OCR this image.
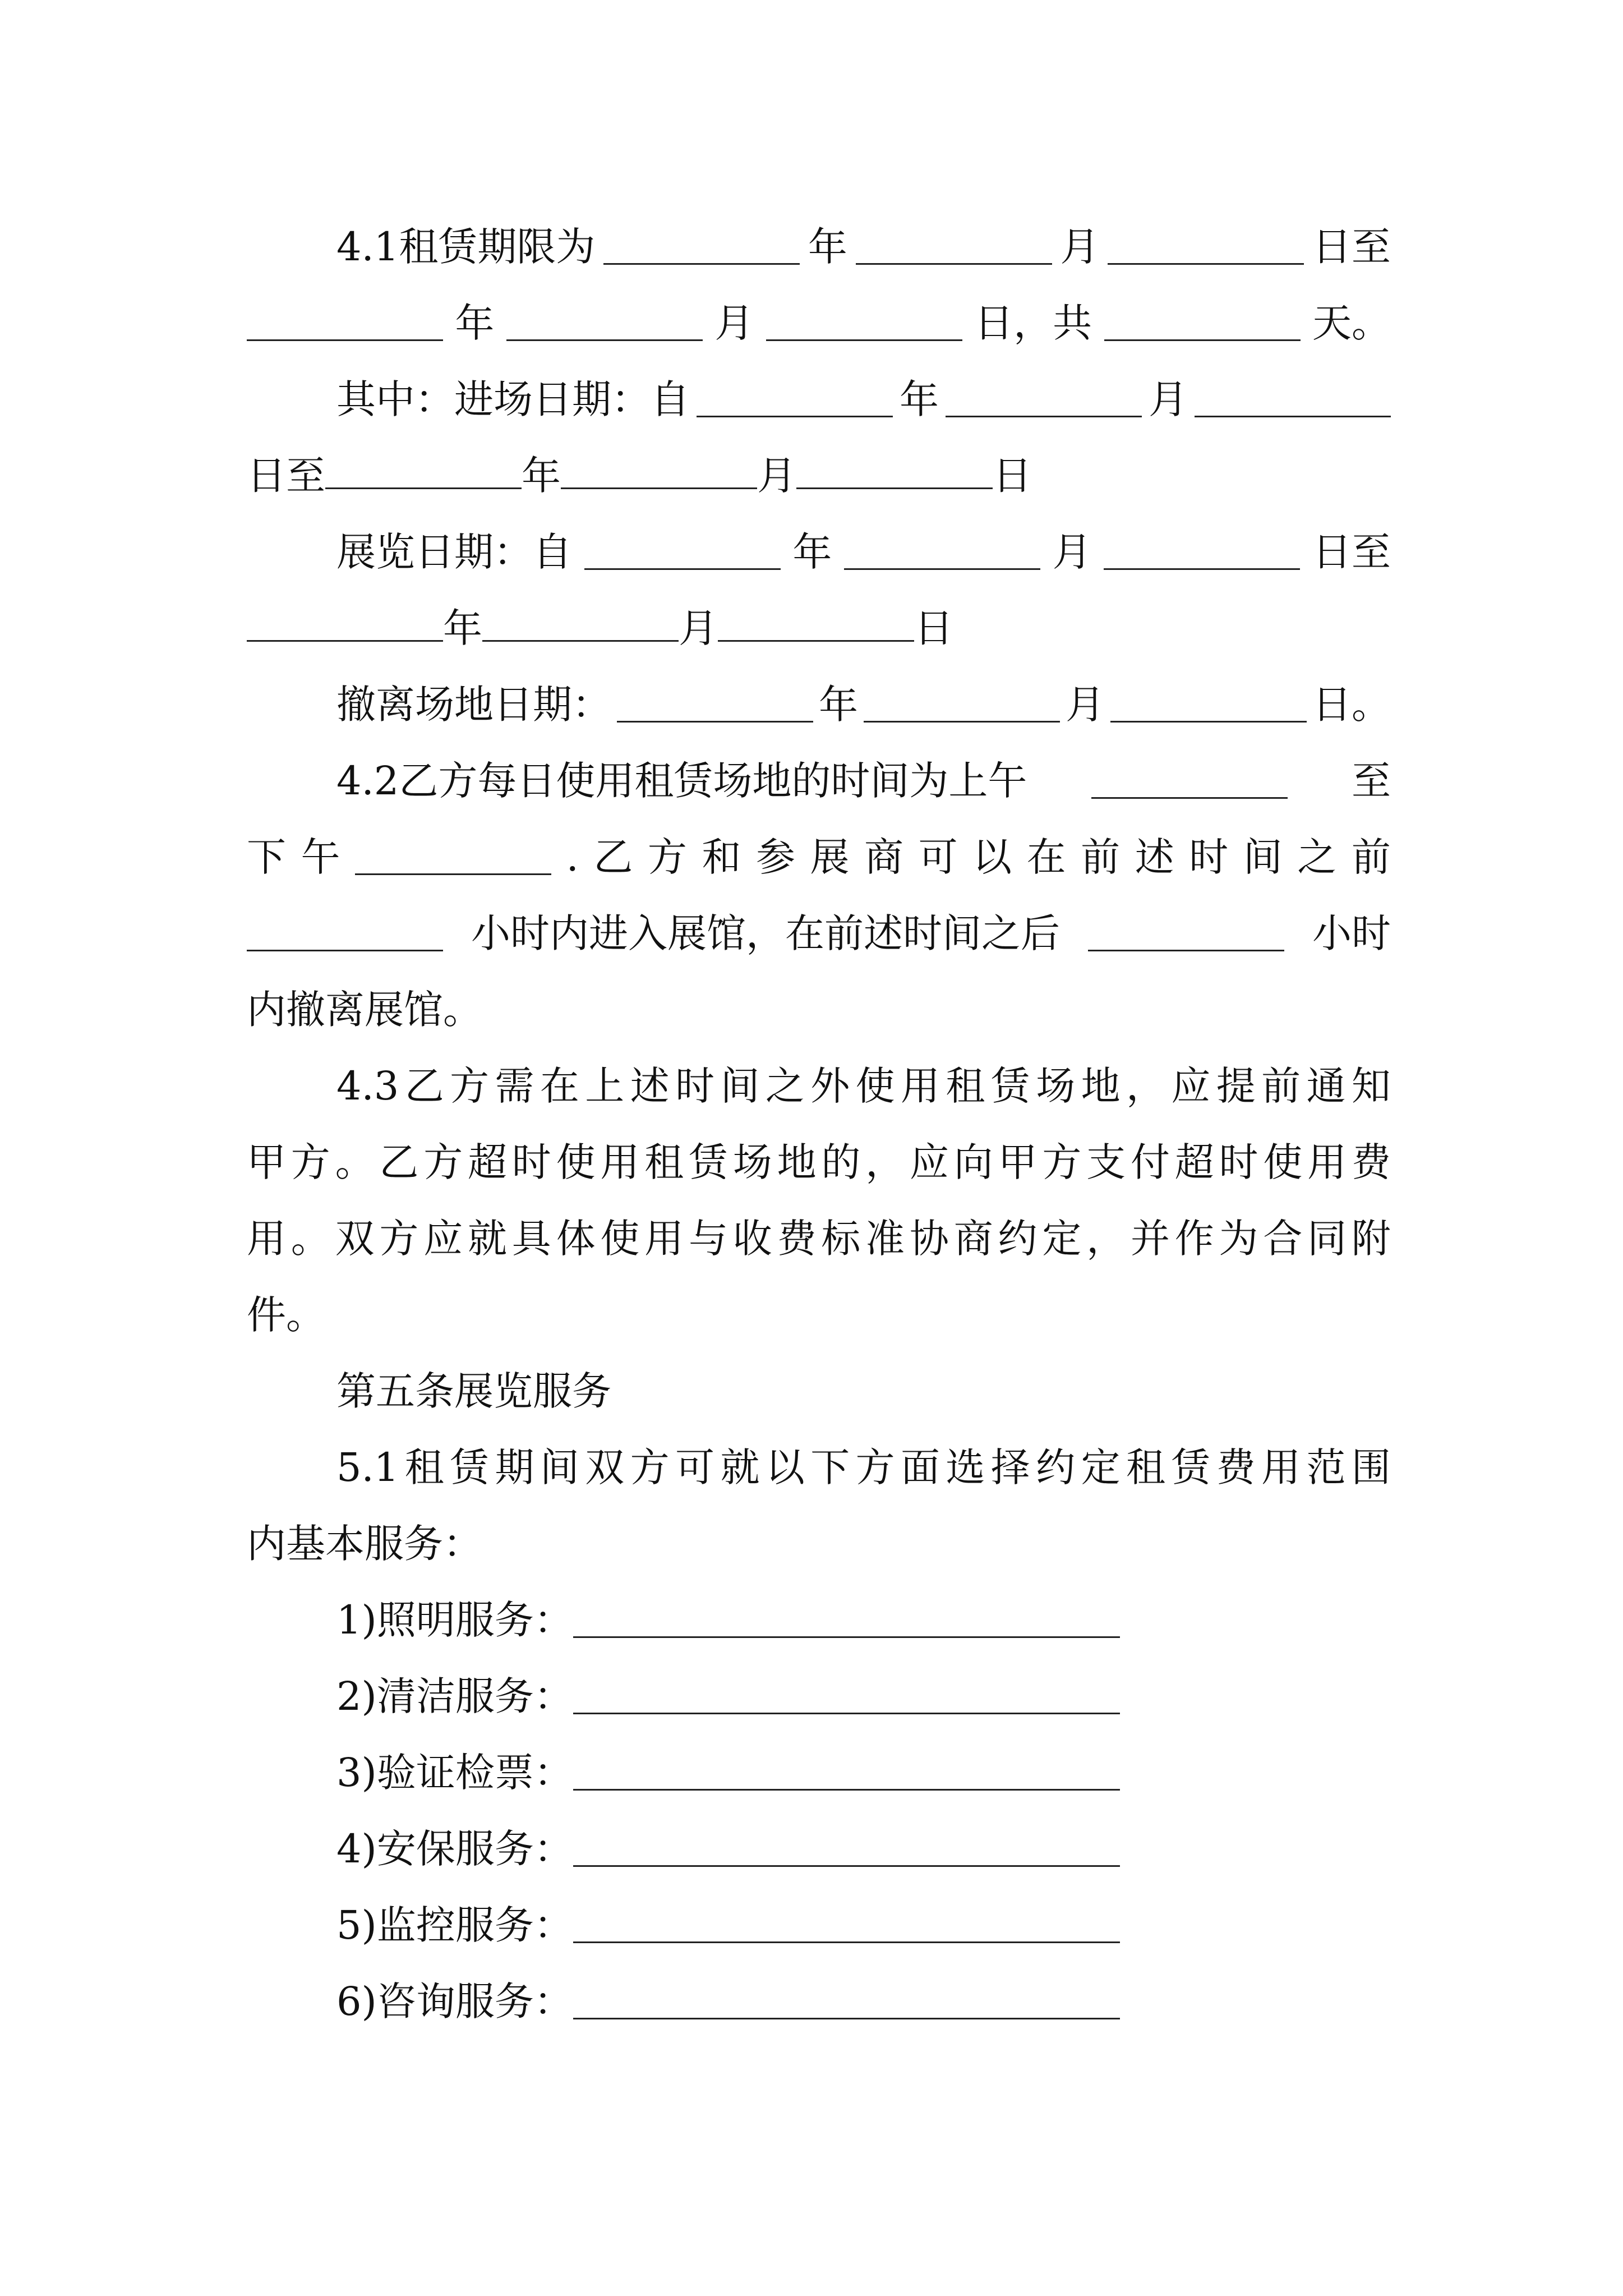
4.1租赁期限为	年	月	日至
年	月	日，共	天。
其中：进场日期：自	年	月
日至	年	月	日
展览日期：自	年	月	日至
年	月	日
撤离场地日期：	年	月	日。
4.2乙方每日使用租赁场地的时间为上午	至
下 午	. 乙 方 和 参 展 商 可 以 在 前 述 时 间 之 前
小时内进入展馆，在前述时间之后	小时
内撤离展馆。
4.3 乙 方 需 在 上 述 时 间 之 外 使 用 租 赁 场 地 ， 应 提 前 通 知
甲 方 。 乙 方 超 时 使 用 租 赁 场 地 的 ， 应 向 甲 方 支 付 超 时 使 用 费
用 。 双 方 应 就 具 体 使 用 与 收 费 标 准 协 商 约 定 ， 并 作 为 合 同 附
件。
第五条展览服务
5.1 租 赁 期 间 双 方 可 就 以 下 方 面 选 择 约 定 租 赁 费 用 范 围
内基本服务：
1)照明服务：
2)清洁服务：
3)验证检票：
4)安保服务：
5)监控服务：
6)咨询服务：
